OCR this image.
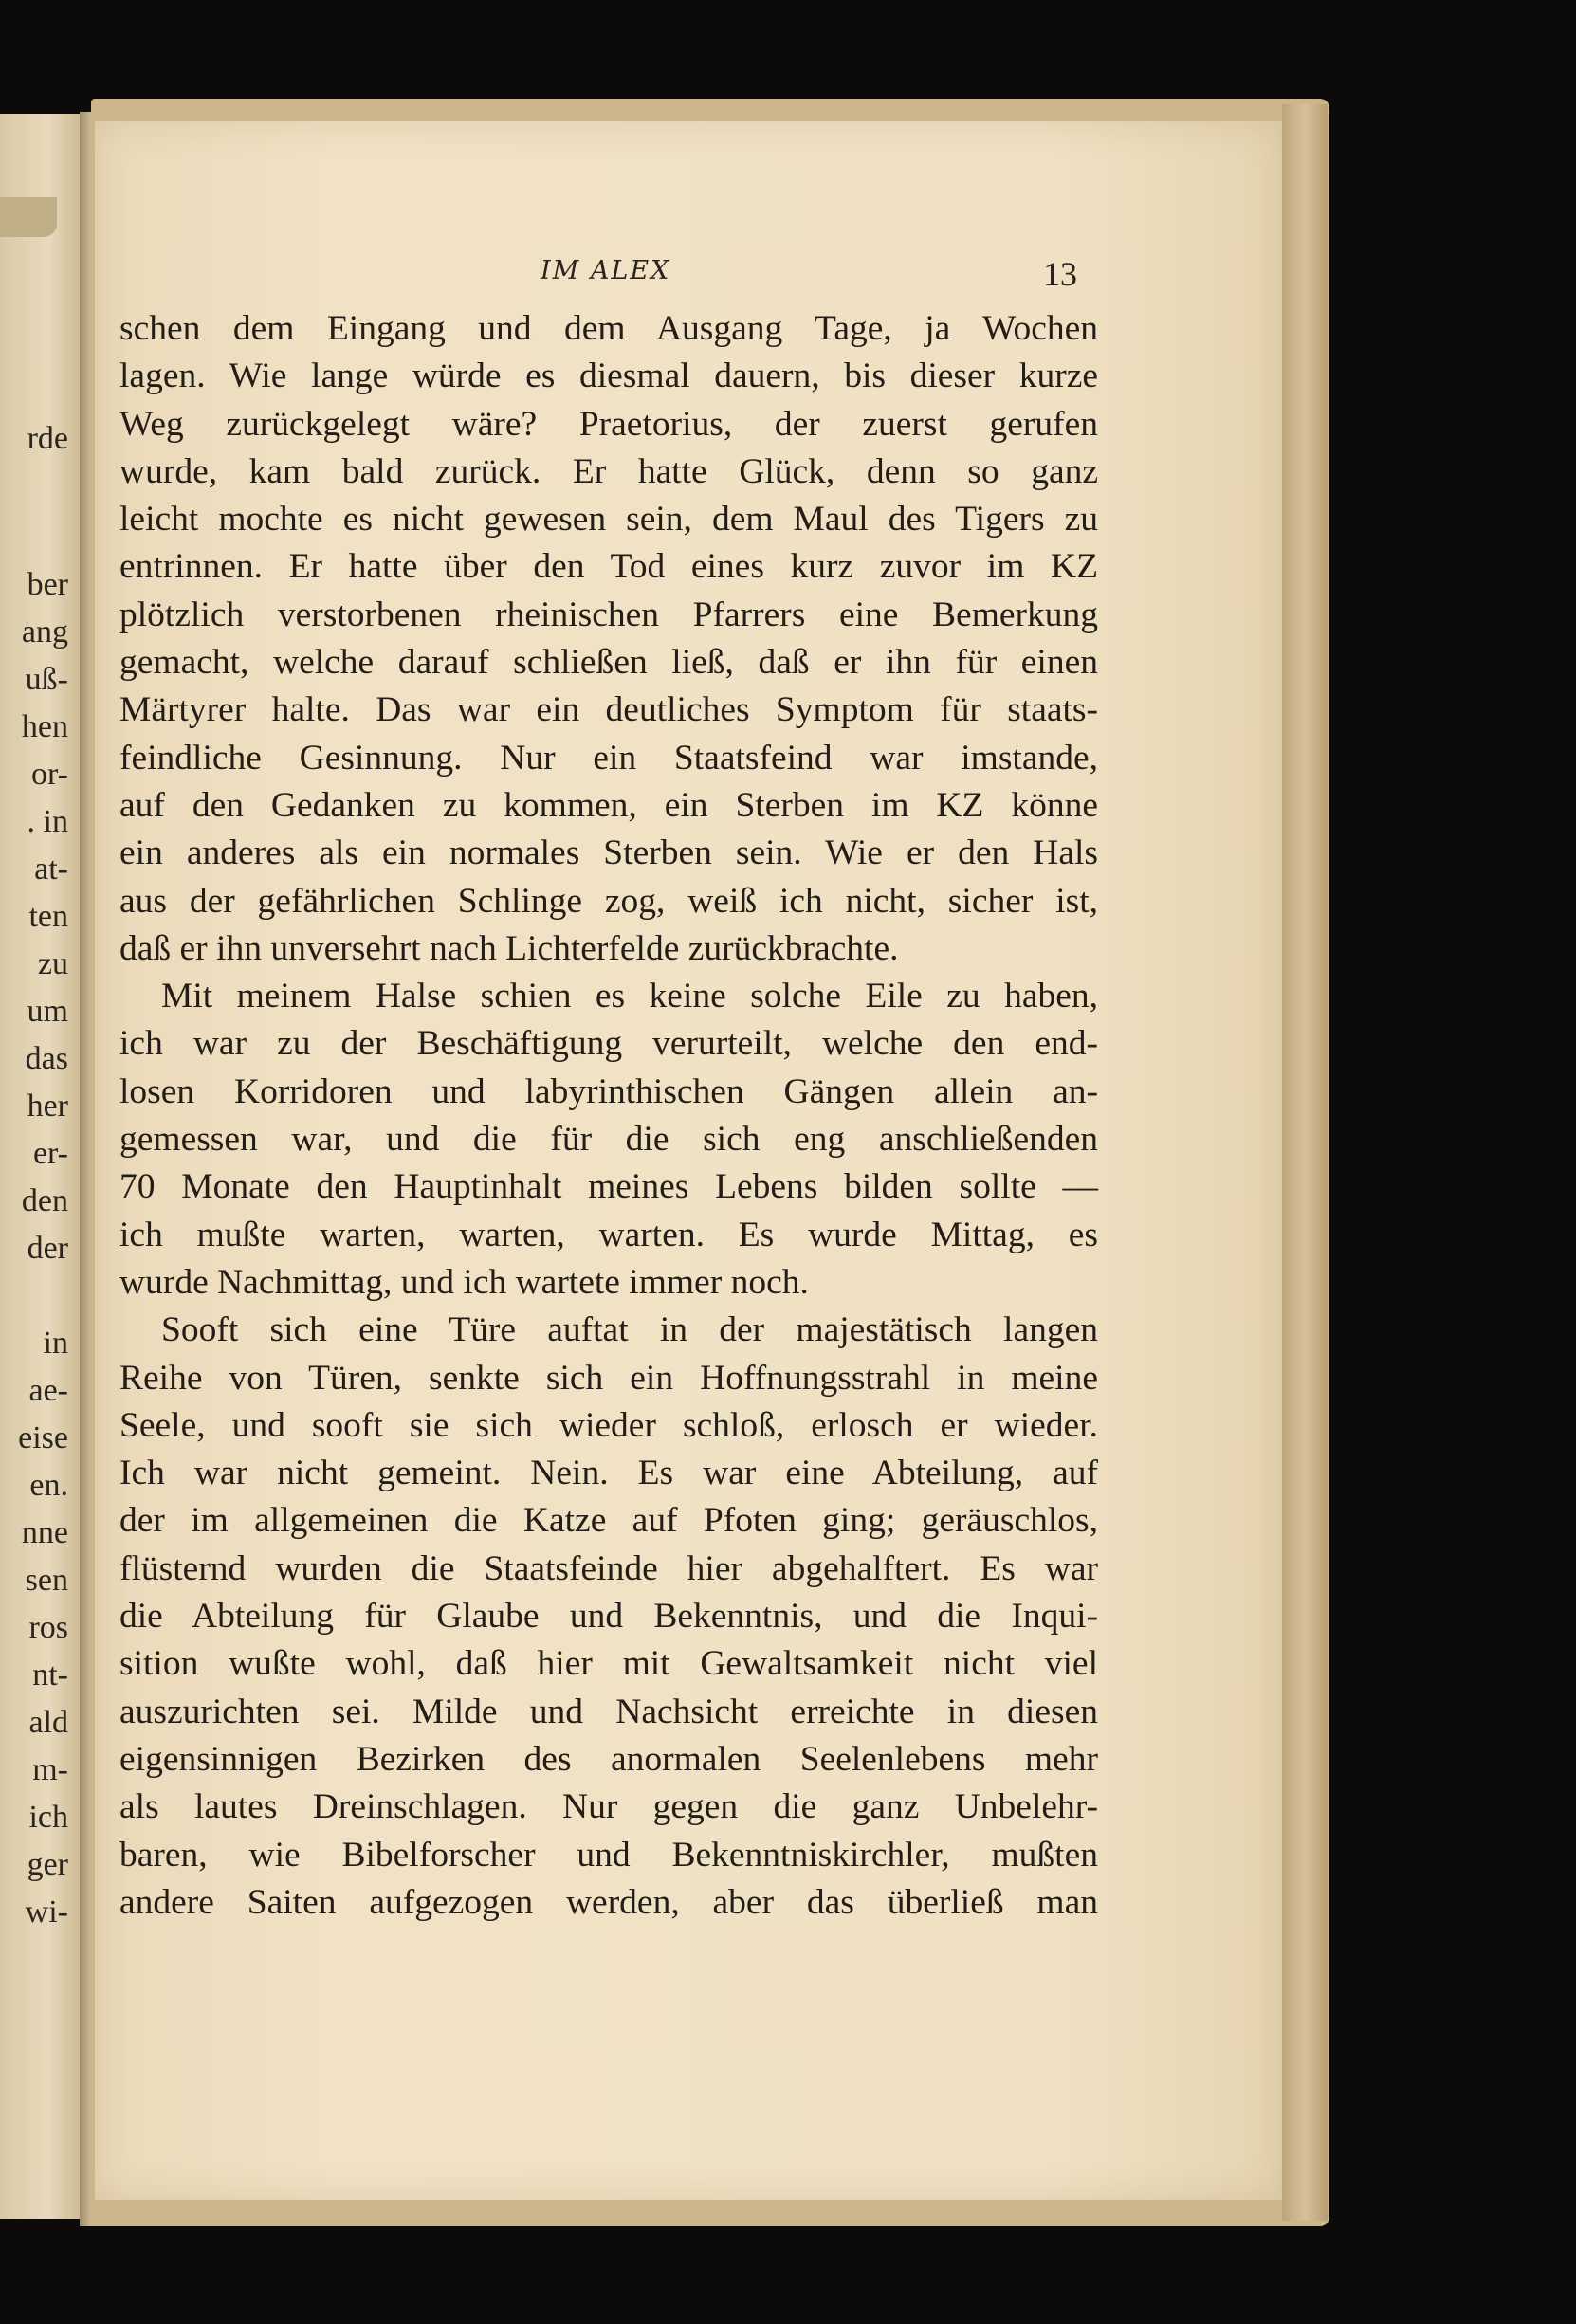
rde
ber
ang
uß-
hen
or-
. in
at-
ten
zu
um
das
her
er-
den
der
in
ae-
eise
en.
nne
sen
ros
nt-
ald
m-
ich
ger
wi-
IM ALEX	13
schen dem Eingang und dem Ausgang Tage, ja Wochen
lagen. Wie lange würde es diesmal dauern, bis dieser kurze
Weg zurückgelegt wäre? Praetorius, der zuerst gerufen
wurde, kam bald zurück. Er hatte Glück, denn so ganz
leicht mochte es nicht gewesen sein, dem Maul des Tigers zu
entrinnen. Er hatte über den Tod eines kurz zuvor im KZ
plötzlich verstorbenen rheinischen Pfarrers eine Bemerkung
gemacht, welche darauf schließen ließ, daß er ihn für einen
Märtyrer halte. Das war ein deutliches Symptom für staats-
feindliche Gesinnung. Nur ein Staatsfeind war imstande,
auf den Gedanken zu kommen, ein Sterben im KZ könne
ein anderes als ein normales Sterben sein. Wie er den Hals
aus der gefährlichen Schlinge zog, weiß ich nicht, sicher ist,
daß er ihn unversehrt nach Lichterfelde zurückbrachte.
Mit meinem Halse schien es keine solche Eile zu haben,
ich war zu der Beschäftigung verurteilt, welche den end-
losen Korridoren und labyrinthischen Gängen allein an-
gemessen war, und die für die sich eng anschließenden
70 Monate den Hauptinhalt meines Lebens bilden sollte —
ich mußte warten, warten, warten. Es wurde Mittag, es
wurde Nachmittag, und ich wartete immer noch.
Sooft sich eine Türe auftat in der majestätisch langen
Reihe von Türen, senkte sich ein Hoffnungsstrahl in meine
Seele, und sooft sie sich wieder schloß, erlosch er wieder.
Ich war nicht gemeint. Nein. Es war eine Abteilung, auf
der im allgemeinen die Katze auf Pfoten ging; geräuschlos,
flüsternd wurden die Staatsfeinde hier abgehalftert. Es war
die Abteilung für Glaube und Bekenntnis, und die Inqui-
sition wußte wohl, daß hier mit Gewaltsamkeit nicht viel
auszurichten sei. Milde und Nachsicht erreichte in diesen
eigensinnigen Bezirken des anormalen Seelenlebens mehr
als lautes Dreinschlagen. Nur gegen die ganz Unbelehr-
baren, wie Bibelforscher und Bekenntniskirchler, mußten
andere Saiten aufgezogen werden, aber das überließ man
